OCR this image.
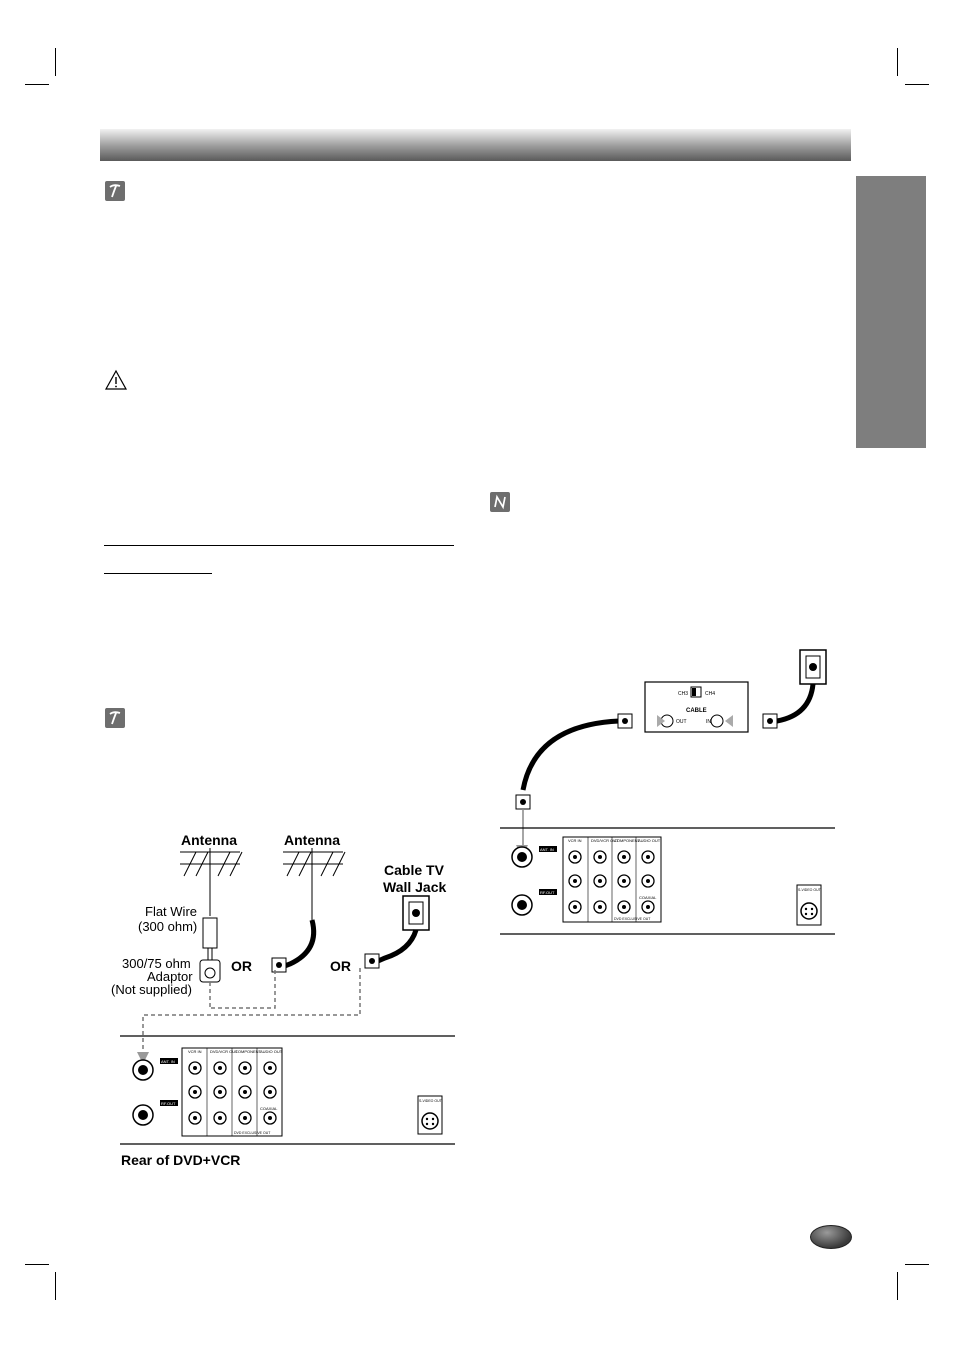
Antenna	Antenna
Cable TV
Wall Jack
Flat Wire
(300 ohm)
300/75 ohm
Adaptor
(Not supplied)
OR	OR
Rear of DVD+VCR
ANT. IN
RF.OUT
VCR IN DVD/VCR OUT
COMPONENT AUDIO OUT
COAXIAL
DVD EXCLUSIVE OUT
S-VIDEO OUT
CH3	CH4
CABLE
OUT	IN
ANT. IN
RF.OUT
VCR IN DVD/VCR OUT
COMPONENT
AUDIO OUT
COAXIAL
DVD EXCLUSIVE OUT
S-VIDEO OUT
